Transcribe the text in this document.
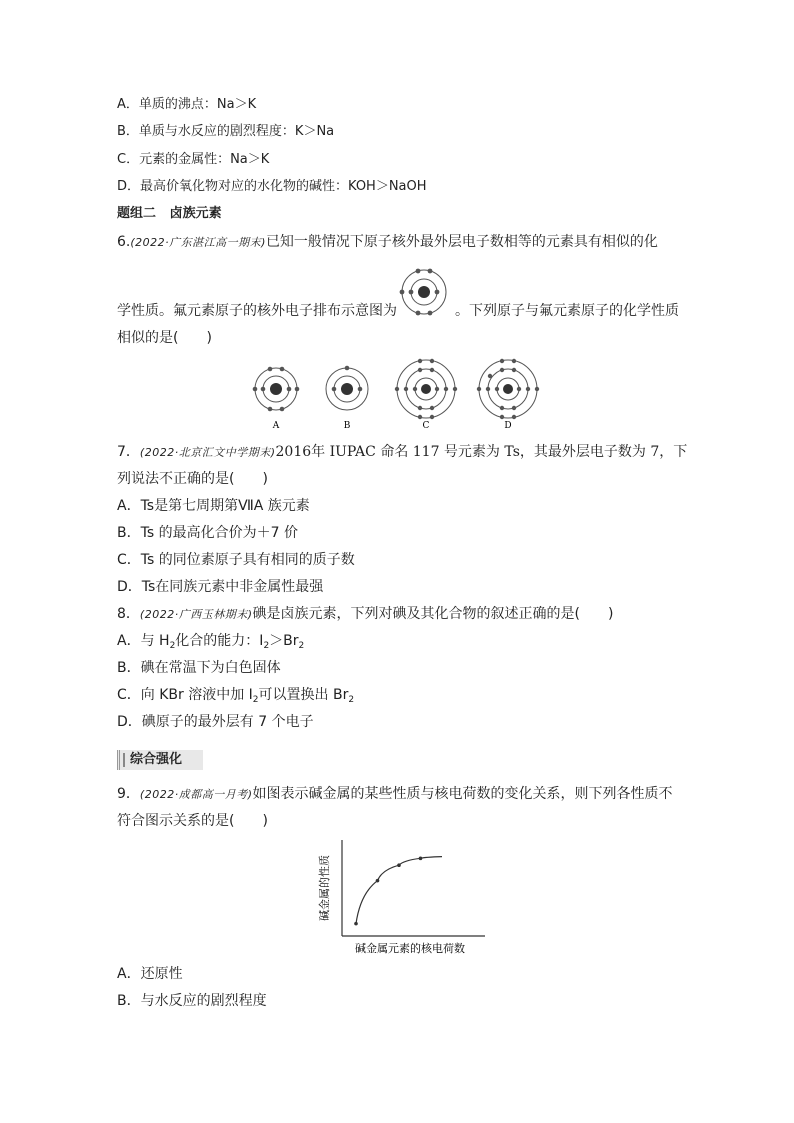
A．单质的沸点：Na＞K
B．单质与水反应的剧烈程度：K＞Na
C．元素的金属性：Na＞K
D．最高价氧化物对应的水化物的碱性：KOH＞NaOH
题组二 卤族元素
6.(2022·广东湛江高一期末)已知一般情况下原子核外最外层电子数相等的元素具有相似的化
学性质。氟元素原子的核外电子排布示意图为	。下列原子与氟元素原子的化学性质
相似的是(　　)
A	B	C	D
7．(2022·北京汇文中学期末)2016年 IUPAC 命名 117 号元素为 Ts，其最外层电子数为 7，下
列说法不正确的是(　　)
A．Ts是第七周期第ⅦA 族元素
B．Ts 的最高化合价为＋7 价
C．Ts 的同位素原子具有相同的质子数
D．Ts在同族元素中非金属性最强
8．(2022·广西玉林期末)碘是卤族元素，下列对碘及其化合物的叙述正确的是(　　)
A．与 $H_2$化合的能力：$I_2>Br_2$
B．碘在常温下为白色固体
C．向 KBr 溶液中加 $I_2$可以置换出 $Br_2$
D．碘原子的最外层有 7 个电子
综合强化
9．(2022·成都高一月考)如图表示碱金属的某些性质与核电荷数的变化关系，则下列各性质不
符合图示关系的是(　　)
碱金属元素的核电荷数
碱金属的性质
A．还原性
B．与水反应的剧烈程度
